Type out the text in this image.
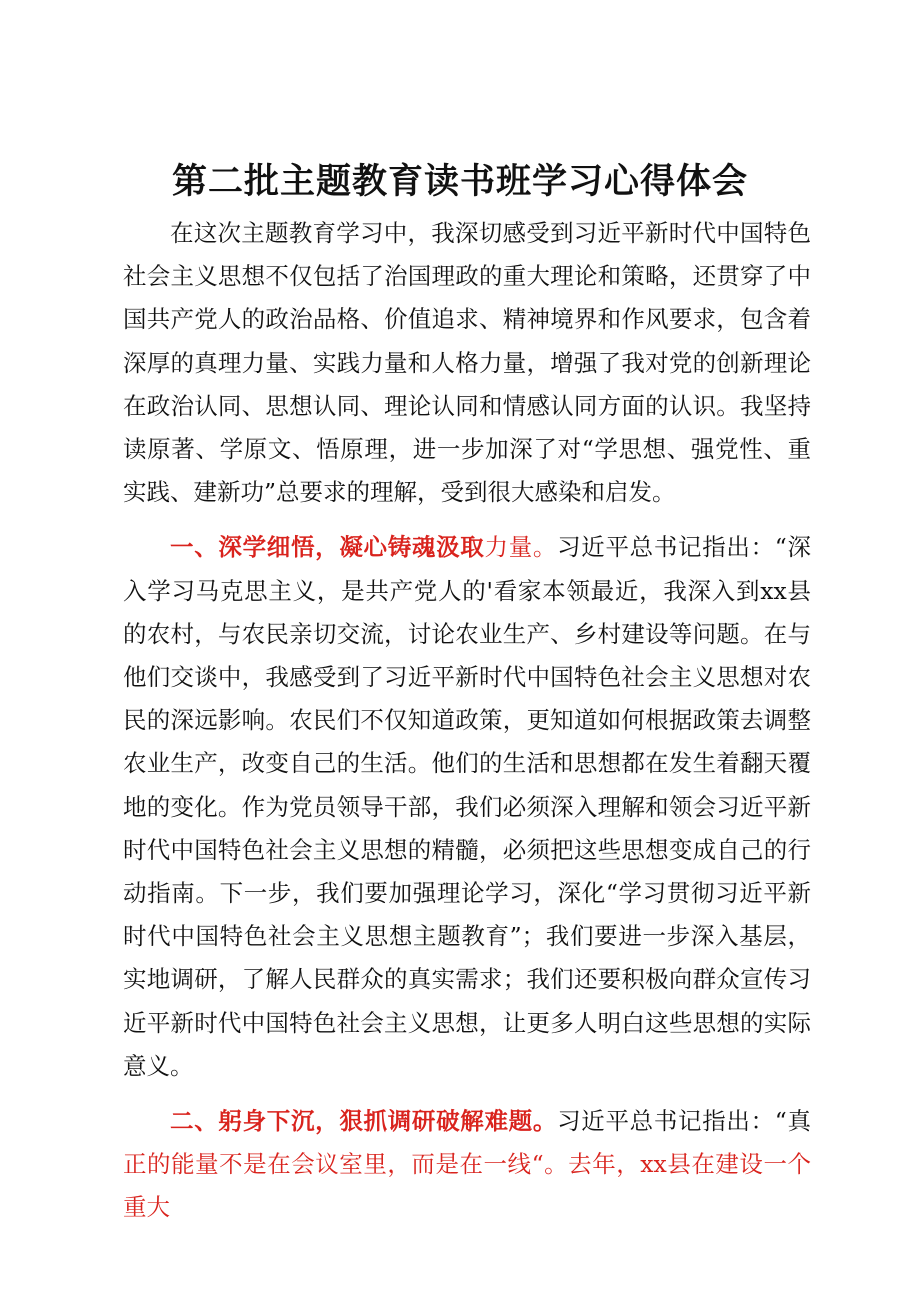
第二批主题教育读书班学习心得体会

在这次主题教育学习中，我深切感受到习近平新时代中国特色社会主义思想不仅包括了治国理政的重大理论和策略，还贯穿了中国共产党人的政治品格、价值追求、精神境界和作风要求，包含着深厚的真理力量、实践力量和人格力量，增强了我对党的创新理论在政治认同、思想认同、理论认同和情感认同方面的认识。我坚持读原著、学原文、悟原理，进一步加深了对“学思想、强党性、重实践、建新功”总要求的理解，受到很大感染和启发。

一、深学细悟，凝心铸魂汲取力量。习近平总书记指出：“深入学习马克思主义，是共产党人的'看家本领最近，我深入到xx县的农村，与农民亲切交流，讨论农业生产、乡村建设等问题。在与他们交谈中，我感受到了习近平新时代中国特色社会主义思想对农民的深远影响。农民们不仅知道政策，更知道如何根据政策去调整农业生产，改变自己的生活。他们的生活和思想都在发生着翻天覆地的变化。作为党员领导干部，我们必须深入理解和领会习近平新时代中国特色社会主义思想的精髓，必须把这些思想变成自己的行动指南。下一步，我们要加强理论学习，深化“学习贯彻习近平新时代中国特色社会主义思想主题教育”；我们要进一步深入基层，实地调研，了解人民群众的真实需求；我们还要积极向群众宣传习近平新时代中国特色社会主义思想，让更多人明白这些思想的实际意义。

二、躬身下沉，狠抓调研破解难题。习近平总书记指出：“真正的能量不是在会议室里，而是在一线“。去年，xx县在建设一个重大
